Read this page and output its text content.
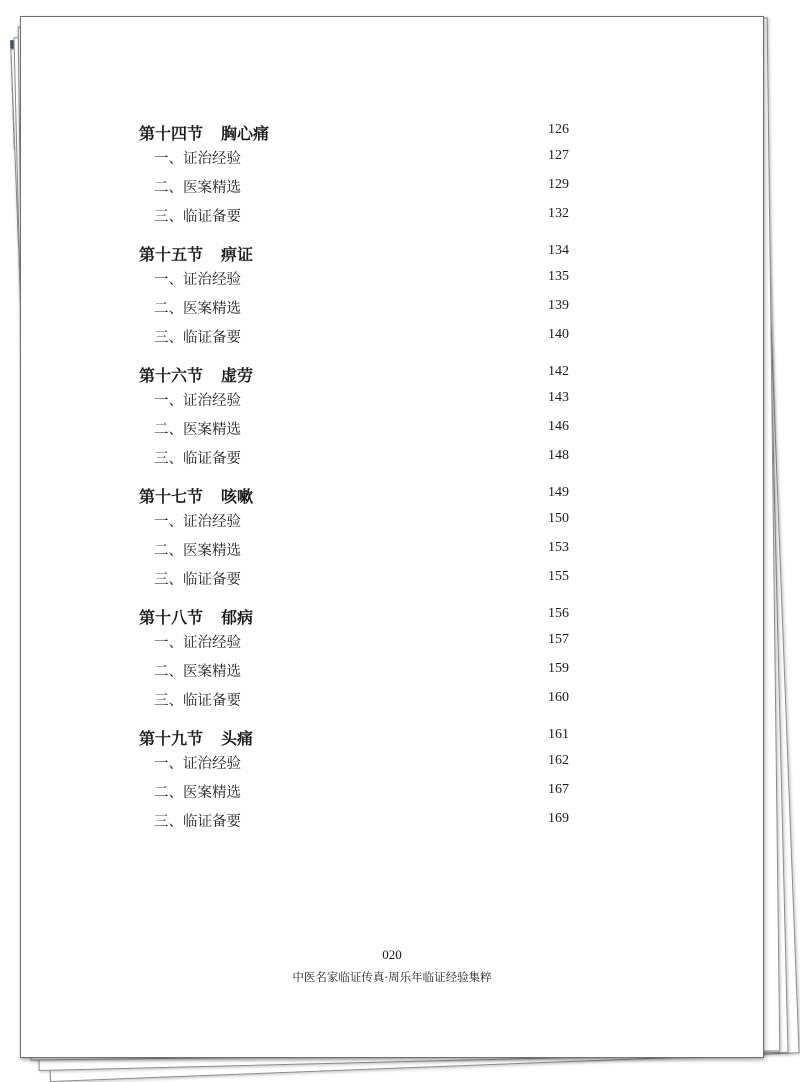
第十四节 胸心痛	126
一、证治经验	127
二、医案精选	129
三、临证备要	132
第十五节 痹证	134
一、证治经验	135
二、医案精选	139
三、临证备要	140
第十六节 虚劳	142
一、证治经验	143
二、医案精选	146
三、临证备要	148
第十七节 咳嗽	149
一、证治经验	150
二、医案精选	153
三、临证备要	155
第十八节 郁病	156
一、证治经验	157
二、医案精选	159
三、临证备要	160
第十九节 头痛	161
一、证治经验	162
二、医案精选	167
三、临证备要	169
020
中医名家临证传真·周乐年临证经验集粹
